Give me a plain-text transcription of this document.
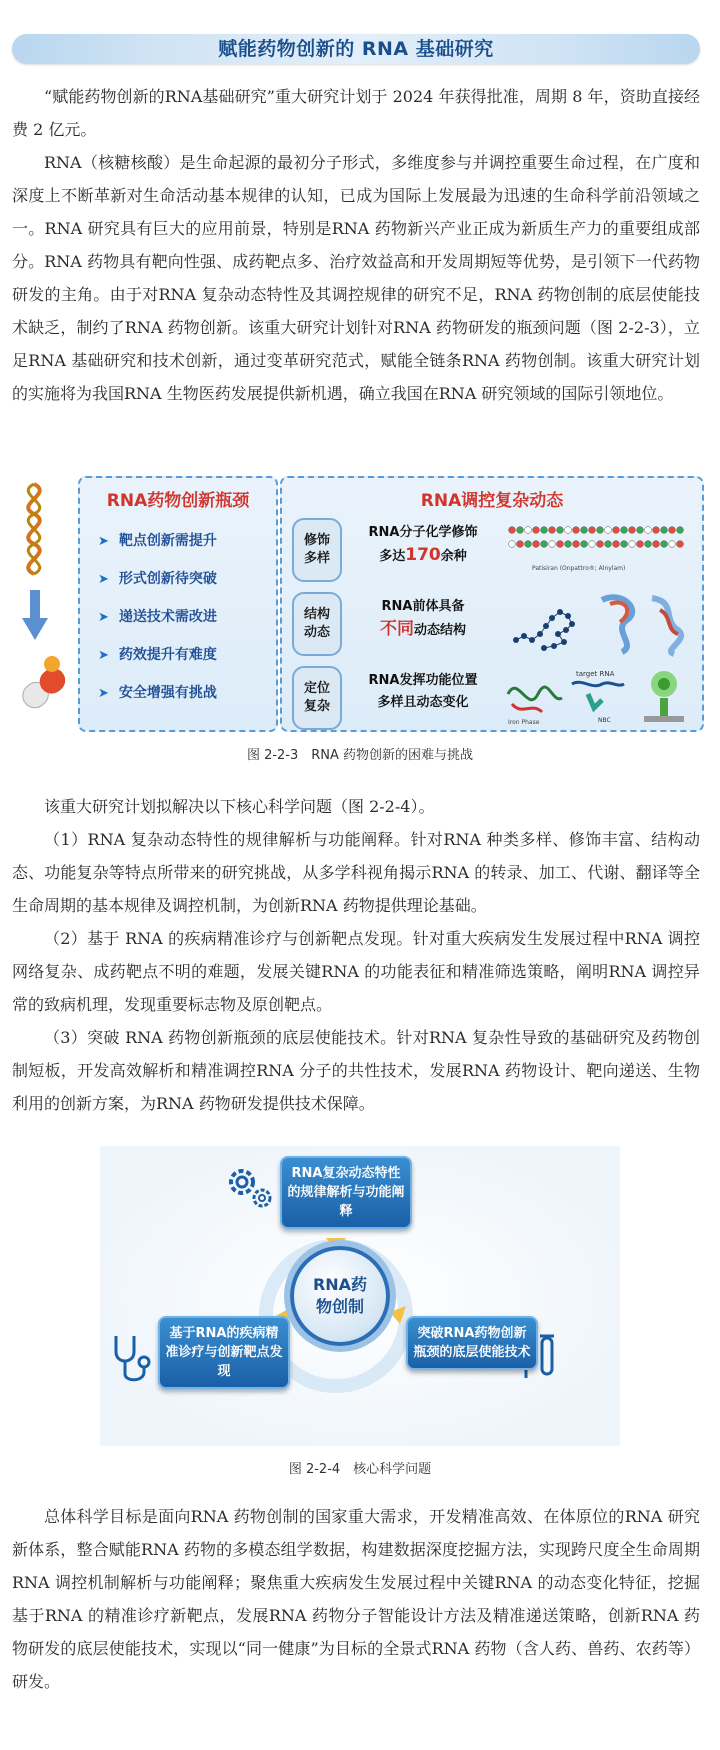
赋能药物创新的 RNA 基础研究

“赋能药物创新的RNA基础研究”重大研究计划于 2024 年获得批准，周期 8 年，资助直接经费 2 亿元。

RNA（核糖核酸）是生命起源的最初分子形式，多维度参与并调控重要生命过程，在广度和深度上不断革新对生命活动基本规律的认知，已成为国际上发展最为迅速的生命科学前沿领域之一。RNA 研究具有巨大的应用前景，特别是RNA 药物新兴产业正成为新质生产力的重要组成部分。RNA 药物具有靶向性强、成药靶点多、治疗效益高和开发周期短等优势，是引领下一代药物研发的主角。由于对RNA 复杂动态特性及其调控规律的研究不足，RNA 药物创制的底层使能技术缺乏，制约了RNA 药物创新。该重大研究计划针对RNA 药物研发的瓶颈问题（图 2-2-3），立足RNA 基础研究和技术创新，通过变革研究范式，赋能全链条RNA 药物创制。该重大研究计划的实施将为我国RNA 生物医药发展提供新机遇，确立我国在RNA 研究领域的国际引领地位。

RNA药物创新瓶颈
➤ 靶点创新需提升
➤ 形式创新待突破
➤ 递送技术需改进
➤ 药效提升有难度
➤ 安全增强有挑战
RNA调控复杂动态
修饰
多样
RNA分子化学修饰
多达170余种
Patisiran (Onpattro®; Alnylam)
结构
动态
RNA前体具备
不同动态结构
定位
复杂
RNA发挥功能位置
多样且动态变化
Iron Phase
target RNA
NBC
图 2-2-3　RNA 药物创新的困难与挑战

该重大研究计划拟解决以下核心科学问题（图 2-2-4）。

（1）RNA 复杂动态特性的规律解析与功能阐释。针对RNA 种类多样、修饰丰富、结构动态、功能复杂等特点所带来的研究挑战，从多学科视角揭示RNA 的转录、加工、代谢、翻译等全生命周期的基本规律及调控机制，为创新RNA 药物提供理论基础。

（2）基于 RNA 的疾病精准诊疗与创新靶点发现。针对重大疾病发生发展过程中RNA 调控网络复杂、成药靶点不明的难题，发展关键RNA 的功能表征和精准筛选策略，阐明RNA 调控异常的致病机理，发现重要标志物及原创靶点。

（3）突破 RNA 药物创新瓶颈的底层使能技术。针对RNA 复杂性导致的基础研究及药物创制短板，开发高效解析和精准调控RNA 分子的共性技术，发展RNA 药物设计、靶向递送、生物利用的创新方案，为RNA 药物研发提供技术保障。

RNA复杂动态特性的规律解析与功能阐释
基于RNA的疾病精准诊疗与创新靶点发现
突破RNA药物创新瓶颈的底层使能技术
RNA药物创制
图 2-2-4　核心科学问题

总体科学目标是面向RNA 药物创制的国家重大需求，开发精准高效、在体原位的RNA 研究新体系，整合赋能RNA 药物的多模态组学数据，构建数据深度挖掘方法，实现跨尺度全生命周期RNA 调控机制解析与功能阐释；聚焦重大疾病发生发展过程中关键RNA 的动态变化特征，挖掘基于RNA 的精准诊疗新靶点，发展RNA 药物分子智能设计方法及精准递送策略，创新RNA 药物研发的底层使能技术，实现以“同一健康”为目标的全景式RNA 药物（含人药、兽药、农药等）研发。
